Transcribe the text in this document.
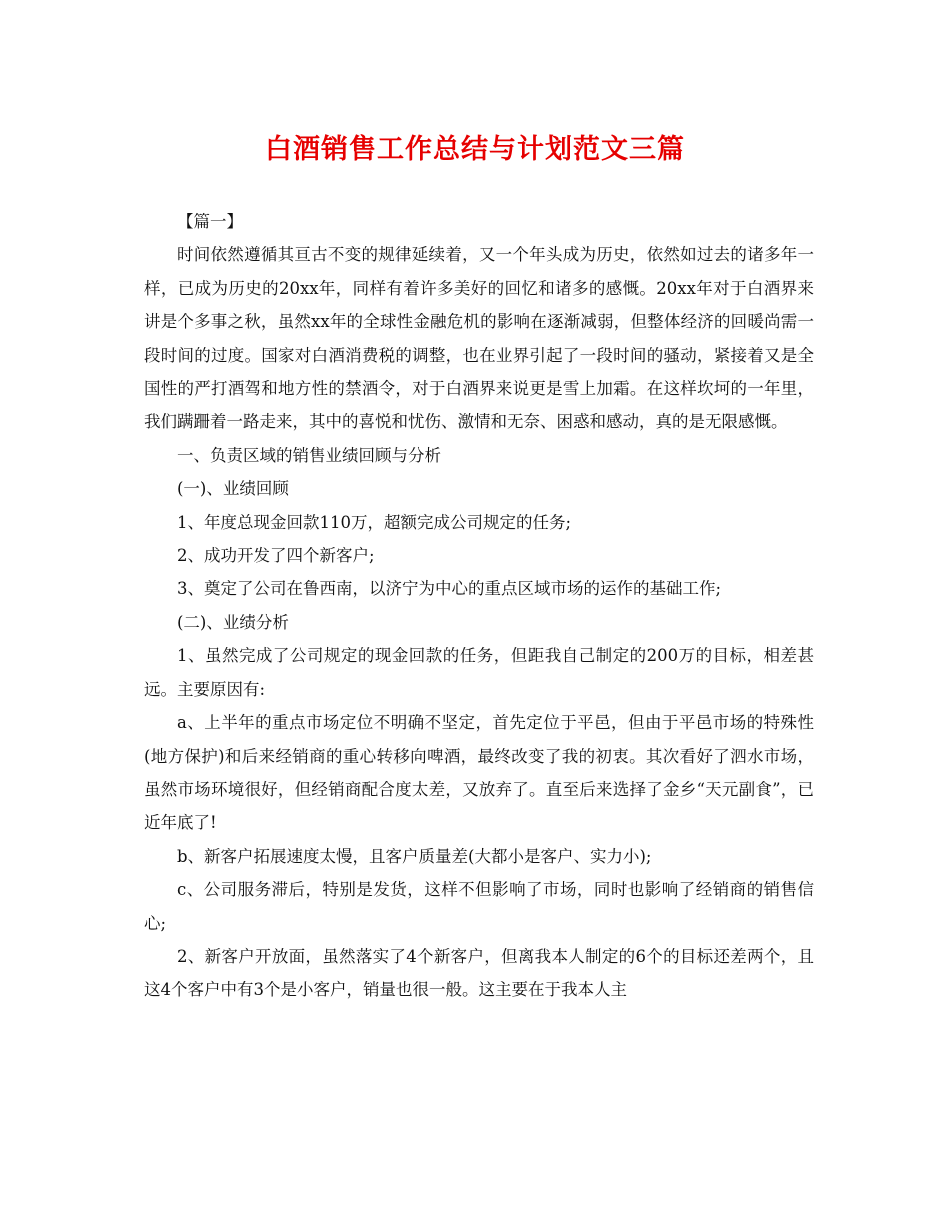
白酒销售工作总结与计划范文三篇

【篇一】

时间依然遵循其亘古不变的规律延续着，又一个年头成为历史，依然如过去的诸多年一样，已成为历史的20xx年，同样有着许多美好的回忆和诸多的感慨。20xx年对于白酒界来讲是个多事之秋，虽然xx年的全球性金融危机的影响在逐渐减弱，但整体经济的回暖尚需一段时间的过度。国家对白酒消费税的调整，也在业界引起了一段时间的骚动，紧接着又是全国性的严打酒驾和地方性的禁酒令，对于白酒界来说更是雪上加霜。在这样坎坷的一年里，我们蹒跚着一路走来，其中的喜悦和忧伤、激情和无奈、困惑和感动，真的是无限感慨。

一、负责区域的销售业绩回顾与分析

(一)、业绩回顾

1、年度总现金回款110万，超额完成公司规定的任务;

2、成功开发了四个新客户;

3、奠定了公司在鲁西南，以济宁为中心的重点区域市场的运作的基础工作;

(二)、业绩分析

1、虽然完成了公司规定的现金回款的任务，但距我自己制定的200万的目标，相差甚远。主要原因有:

a、上半年的重点市场定位不明确不坚定，首先定位于平邑，但由于平邑市场的特殊性(地方保护)和后来经销商的重心转移向啤酒，最终改变了我的初衷。其次看好了泗水市场，虽然市场环境很好，但经销商配合度太差，又放弃了。直至后来选择了金乡“天元副食”，已近年底了!

b、新客户拓展速度太慢，且客户质量差(大都小是客户、实力小);

c、公司服务滞后，特别是发货，这样不但影响了市场，同时也影响了经销商的销售信心;

2、新客户开放面，虽然落实了4个新客户，但离我本人制定的6个的目标还差两个，且这4个客户中有3个是小客户，销量也很一般。这主要在于我本人主
